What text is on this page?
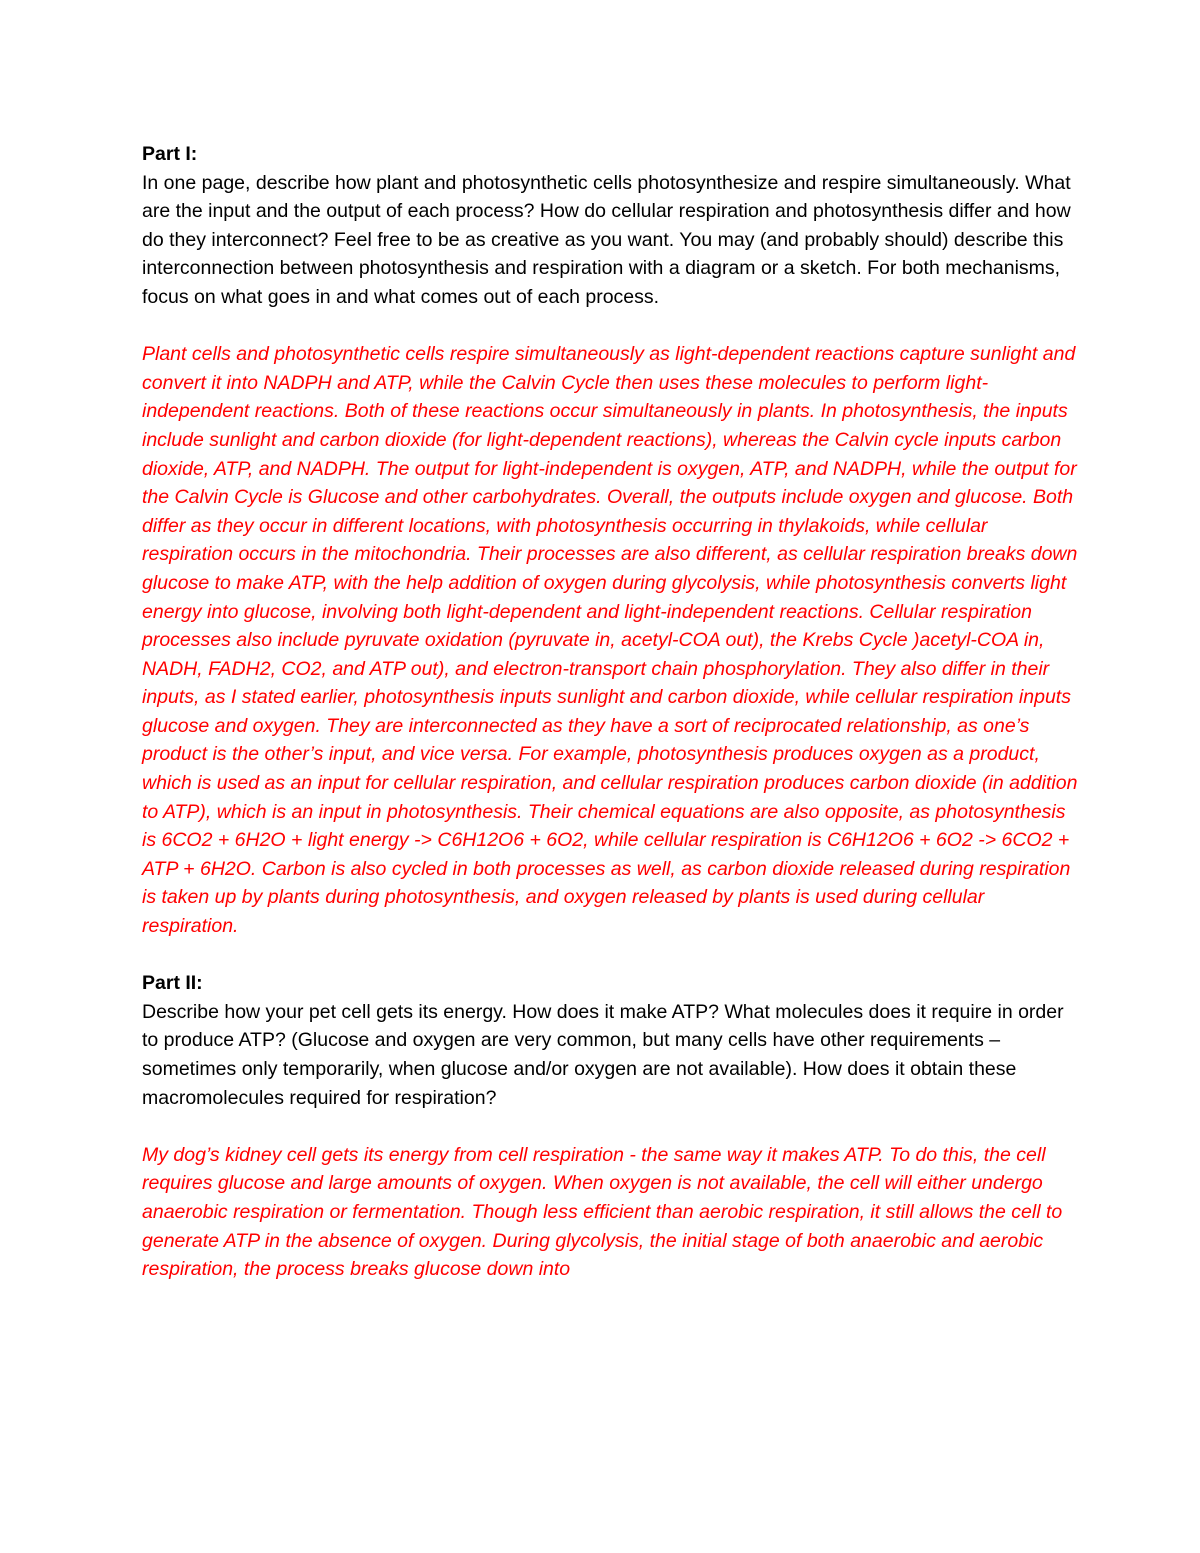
Part I:

In one page, describe how plant and photosynthetic cells photosynthesize and respire simultaneously. What are the input and the output of each process? How do cellular respiration and photosynthesis differ and how do they interconnect? Feel free to be as creative as you want. You may (and probably should) describe this interconnection between photosynthesis and respiration with a diagram or a sketch. For both mechanisms, focus on what goes in and what comes out of each process.

Plant cells and photosynthetic cells respire simultaneously as light-dependent reactions capture sunlight and convert it into NADPH and ATP, while the Calvin Cycle then uses these molecules to perform light-independent reactions. Both of these reactions occur simultaneously in plants. In photosynthesis, the inputs include sunlight and carbon dioxide (for light-dependent reactions), whereas the Calvin cycle inputs carbon dioxide, ATP, and NADPH. The output for light-independent is oxygen, ATP, and NADPH, while the output for the Calvin Cycle is Glucose and other carbohydrates. Overall, the outputs include oxygen and glucose. Both differ as they occur in different locations, with photosynthesis occurring in thylakoids, while cellular respiration occurs in the mitochondria. Their processes are also different, as cellular respiration breaks down glucose to make ATP, with the help addition of oxygen during glycolysis, while photosynthesis converts light energy into glucose, involving both light-dependent and light-independent reactions. Cellular respiration processes also include pyruvate oxidation (pyruvate in, acetyl-COA out), the Krebs Cycle )acetyl-COA in, NADH, FADH2, CO2, and ATP out), and electron-transport chain phosphorylation. They also differ in their inputs, as I stated earlier, photosynthesis inputs sunlight and carbon dioxide, while cellular respiration inputs glucose and oxygen. They are interconnected as they have a sort of reciprocated relationship, as one’s product is the other’s input, and vice versa. For example, photosynthesis produces oxygen as a product, which is used as an input for cellular respiration, and cellular respiration produces carbon dioxide (in addition to ATP), which is an input in photosynthesis. Their chemical equations are also opposite, as photosynthesis is 6CO2 + 6H2O + light energy -> C6H12O6 + 6O2, while cellular respiration is C6H12O6 + 6O2 -> 6CO2 + ATP + 6H2O. Carbon is also cycled in both processes as well, as carbon dioxide released during respiration is taken up by plants during photosynthesis, and oxygen released by plants is used during cellular respiration.

Part II:

Describe how your pet cell gets its energy. How does it make ATP? What molecules does it require in order to produce ATP? (Glucose and oxygen are very common, but many cells have other requirements – sometimes only temporarily, when glucose and/or oxygen are not available). How does it obtain these macromolecules required for respiration?

My dog’s kidney cell gets its energy from cell respiration - the same way it makes ATP. To do this, the cell requires glucose and large amounts of oxygen. When oxygen is not available, the cell will either undergo anaerobic respiration or fermentation. Though less efficient than aerobic respiration, it still allows the cell to generate ATP in the absence of oxygen. During glycolysis, the initial stage of both anaerobic and aerobic respiration, the process breaks glucose down into
